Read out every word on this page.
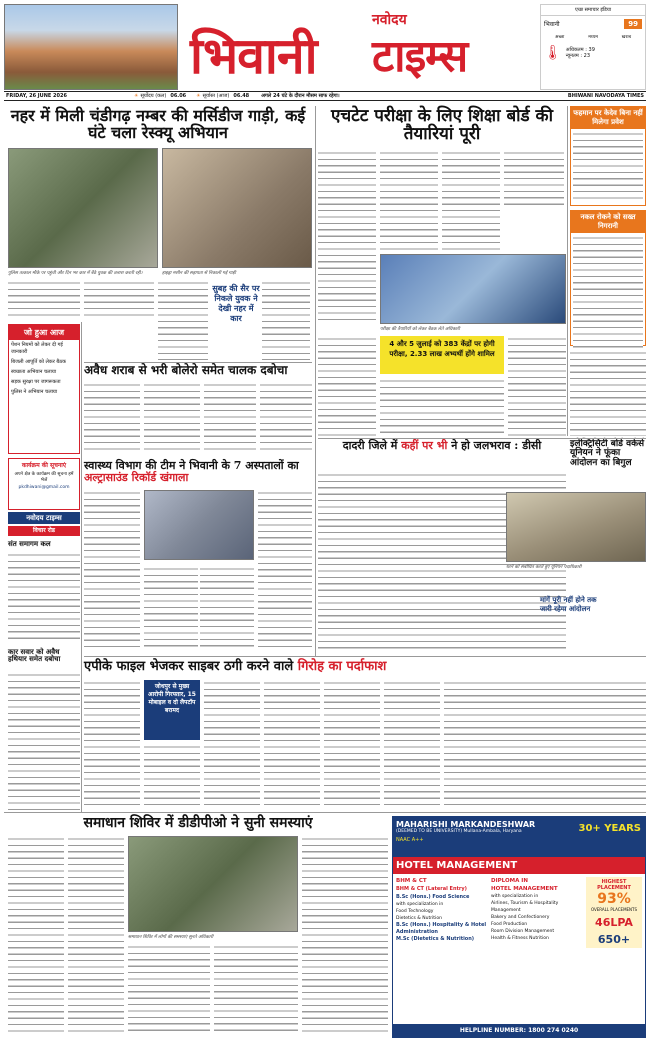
नवोदय
भिवानी टाइम्स
एच्छ समाचार इंडिया
भिवानी	99
अच्छा	मध्यम	खराब
🌡 अधिकतम : 39
न्यूनतम : 23
FRIDAY, 26 JUNE 2026	☀ सूर्योदय (कल) 06.06 ☀ सूर्यास्त (आज) 06.48 अगले 24 घंटे के दौरान मौसम साफ रहेगा।	BHIWANI NAVODAYA TIMES
नहर में मिली चंडीगढ़ नम्बर की मर्सिडीज गाड़ी, कई घंटे चला रेस्क्यू अभियान
पुलिस तत्काल मौके पर पहुंची और दिन भर कार में बैठे युवक की तलाश करती रही।	हाइड्रा मशीन की सहायता से निकाली गई गाड़ी
सुबह की सैर पर निकले युवक ने देखी नहर में कार
जो हुआ आज
पेंशन नियमों को लेकर दी गई जानकारी
बिजली आपूर्ति को लेकर बैठक
स्वच्छता अभियान चलाया
सड़क सुरक्षा पर जागरूकता
पुलिस ने अभियान चलाया
कार्यक्रम की सूचनाएं
अपने क्षेत्र के कार्यक्रम की सूचना हमें भेजें
pkdhiwani@gmail.com
नवोदय टाइम्स
विचार रोड
संत समागम कल
कार सवार को अवैध हथियार समेत दबोचा
अवैध शराब से भरी बोलेरो समेत चालक दबोचा
स्वास्थ्य विभाग की टीम ने भिवानी के 7 अस्पतालों का अल्ट्रासाउंड रिकॉर्ड खंगाला
एपीके फाइल भेजकर साइबर ठगी करने वाले गिरोह का पर्दाफाश
जोधपुर से मुख्य आरोपी गिरफ्तार, 15 मोबाइल व दो लैपटॉप बरामद
एचटेट परीक्षा के लिए शिक्षा बोर्ड की तैयारियां पूरी
परीक्षा की तैयारियों को लेकर बैठक लेते अधिकारी
4 और 5 जुलाई को 383 केंद्रों पर होगी परीक्षा, 2.33 लाख अभ्यर्थी होंगे शामिल
फहमान पर केदेव बिना नहीं मिलेगा प्रवेश
नकल रोकने को सख्त निगरानी
दादरी जिले में कहीं पर भी ने हो जलभराव : डीसी	इलेक्ट्रिसिटी बोर्ड वर्कर्स यूनियन ने फूंका आंदोलन का बिगुल
धरने को संबोधित करते हुए यूनियन पदाधिकारी
मांगें पूरी नहीं होने तक जारी रहेगा आंदोलन
समाधान शिविर में डीडीपीओ ने सुनी समस्याएं
समाधान शिविर में लोगों की समस्याएं सुनते अधिकारी
MAHARISHI MARKANDESHWAR
(DEEMED TO BE UNIVERSITY) Mullana-Ambala, Haryana	30+ YEARS
NAAC A++
HOTEL MANAGEMENT
BHM & CT
BHM & CT (Lateral Entry)
B.Sc (Hons.) Food Science
with specialization in
Food Technology
Dietetics & Nutrition
B.Sc (Hons.) Hospitality & Hotel Administration
M.Sc (Dietetics & Nutrition)
DIPLOMA IN
HOTEL MANAGEMENT
with specialization in
Airlines, Tourism & Hospitality Management
Bakery and Confectionery
Food Production
Room Division Management
Health & Fitness Nutrition
HIGHEST PLACEMENT
93%
OVERALL PLACEMENTS
46LPA
650+
HELPLINE NUMBER: 1800 274 0240
